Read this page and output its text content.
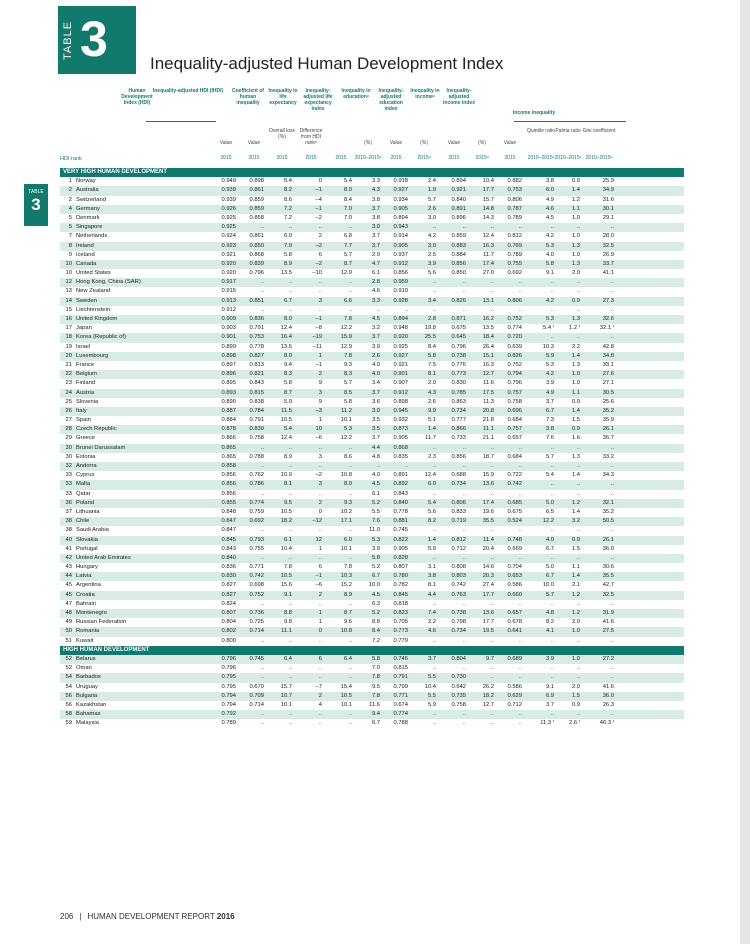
TABLE 3 Inequality-adjusted Human Development Index
TABLE
3
Human Development Index (HDI)
Inequality-adjusted HDI (IHDI)	Coefficient of human inequality
Inequality in life expectancy
Inequality-adjusted life expectancy index
Inequality in educationᵃ
Inequality-adjusted education index
Inequality in incomeᵃ
Inequality-adjusted income index
Income inequality
Value	Value
Overall loss (%)
Difference from HDI rankᵇ	(%)	Value	(%)	Value	(%)	Value
Quintile ratio Palma ratio Gini coefficient
2015	2015	2015	2015	2015	2010–2015ᶜ	2015	2015ᵈ	2015	2015ᵈ	2015	2010–2015ᶜ 2010–2015ᶜ 2010–2015ᶜ
HDI rank
VERY HIGH HUMAN DEVELOPMENT
1 Norway	0.949	0.898	5.4	0	5.4	3.3	0.918	2.4	0.894	10.4	0.882	3.8	0.9	25.9
2 Australia	0.939	0.861	8.2	–1	8.0	4.3	0.927	1.9	0.921	17.7	0.753	6.0	1.4	34.9
2 Switzerland	0.939	0.859	8.6	–4	8.4	3.8	0.934	5.7	0.840	15.7	0.806	4.9	1.2	31.6
4 Germany	0.926	0.859	7.2	–1	7.0	3.7	0.905	2.6	0.891	14.8	0.787	4.6	1.1	30.1
5 Denmark	0.925	0.858	7.2	–2	7.0	3.8	0.894	3.0	0.896	14.3	0.789	4.5	1.0	29.1
5 Singapore	0.925	..	..	..	..	3.0	0.943	..	..	..	..	..	..	..
7 Netherlands	0.924	0.861	6.9	2	6.8	3.7	0.914	4.2	0.859	12.4	0.812	4.2	1.0	28.0
8 Ireland	0.923	0.850	7.9	–2	7.7	3.7	0.905	3.0	0.883	16.3	0.769	5.3	1.3	32.5
9 Iceland	0.921	0.868	5.8	6	5.7	2.9	0.937	2.5	0.884	11.7	0.789	4.0	1.0	26.9
10 Canada	0.920	0.839	8.9	–2	8.7	4.7	0.912	3.9	0.856	17.4	0.755	5.8	1.3	33.7
10 United States	0.920	0.796	13.5	–10	12.9	6.1	0.856	5.6	0.850	27.0	0.692	9.1	2.0	41.1
12 Hong Kong, China (SAR)	0.917	..	..	..	..	2.8	0.959	..	..	..	..	..	..	..
13 New Zealand	0.915	..	..	..	..	4.6	0.910	..	..	..	..	..	..	..
14 Sweden	0.913	0.851	6.7	3	6.6	3.3	0.928	3.4	0.826	13.1	0.806	4.2	0.9	27.3
15 Liechtenstein	0.912	..	..	..	..	..	..	..	..	..	..	..	..	..
16 United Kingdom	0.909	0.836	8.0	–1	7.8	4.5	0.894	2.8	0.871	16.2	0.752	5.3	1.3	32.6
17 Japan	0.903	0.791	12.4	–8	12.2	3.2	0.948	19.8	0.675	13.5	0.774	5.4 ᶠ	1.2 ᶠ	32.1 ᶠ
18 Korea (Republic of)	0.901	0.753	16.4	–19	15.9	3.7	0.920	25.5	0.645	18.4	0.720	..	..	..
19 Israel	0.899	0.778	13.5	–11	12.9	3.9	0.925	8.4	0.796	26.4	0.639	10.3	2.2	42.8
20 Luxembourg	0.898	0.827	8.0	1	7.8	2.6	0.927	5.8	0.738	15.1	0.826	5.9	1.4	34.8
21 France	0.897	0.813	9.4	–1	9.3	4.0	0.921	7.5	0.776	16.3	0.752	5.3	1.3	33.1
22 Belgium	0.896	0.821	8.3	2	8.3	4.0	0.901	8.1	0.773	12.7	0.794	4.2	1.0	27.6
23 Finland	0.895	0.843	5.8	9	5.7	3.4	0.907	2.0	0.830	11.6	0.796	3.9	1.0	27.1
24 Austria	0.893	0.815	8.7	3	8.5	3.7	0.912	4.3	0.785	17.5	0.757	4.9	1.1	30.5
25 Slovenia	0.890	0.838	5.9	9	5.8	3.6	0.898	2.6	0.863	11.3	0.758	3.7	0.9	25.6
26 Italy	0.887	0.784	11.5	–3	11.2	3.0	0.945	9.9	0.734	20.8	0.696	6.7	1.4	35.2
27 Spain	0.884	0.791	10.5	1	10.1	3.5	0.932	5.1	0.777	21.8	0.684	7.3	1.5	35.9
28 Czech Republic	0.878	0.830	5.4	10	5.3	3.5	0.873	1.4	0.866	11.1	0.757	3.8	0.9	26.1
29 Greece	0.866	0.758	12.4	–6	12.2	3.7	0.905	11.7	0.733	21.1	0.657	7.6	1.6	36.7
30 Brunei Darussalam	0.865	..	..	..	..	4.4	0.868	..	..	..	..	..	..	..
30 Estonia	0.865	0.788	8.9	3	8.6	4.8	0.835	2.3	0.856	18.7	0.684	5.7	1.3	33.2
32 Andorra	0.858	..	..	..	..	..	..	..	..	..	..	..	..	..
33 Cyprus	0.856	0.762	10.9	–2	10.8	4.0	0.891	12.4	0.688	15.9	0.722	5.4	1.4	34.3
33 Malta	0.856	0.786	8.1	3	8.0	4.5	0.892	6.0	0.734	13.6	0.742	..	..	..
33 Qatar	0.856	..	..	..	..	6.1	0.843	..	..	..	..	..	..	..
36 Poland	0.855	0.774	9.5	2	9.3	5.2	0.840	5.4	0.806	17.4	0.685	5.0	1.2	32.1
37 Lithuania	0.848	0.759	10.5	0	10.2	5.5	0.778	5.6	0.833	19.6	0.675	6.5	1.4	35.2
38 Chile	0.847	0.692	18.2	–12	17.1	7.6	0.881	8.2	0.719	35.5	0.524	12.2	3.2	50.5
38 Saudi Arabia	0.847	..	..	..	..	11.0	0.745	..	..	..	..	..	..	..
40 Slovakia	0.845	0.793	6.1	12	6.0	5.3	0.822	1.4	0.812	11.4	0.748	4.0	0.9	26.1
41 Portugal	0.843	0.755	10.4	1	10.1	3.9	0.905	5.9	0.712	20.4	0.669	6.7	1.5	36.0
42 United Arab Emirates	0.840	..	..	..	..	5.8	0.828	..	..	..	..	..	..	..
43 Hungary	0.836	0.771	7.8	6	7.8	5.2	0.807	3.1	0.808	14.6	0.704	5.0	1.1	30.6
44 Latvia	0.830	0.742	10.5	–1	10.3	6.7	0.780	3.8	0.803	20.3	0.653	6.7	1.4	35.5
45 Argentina	0.827	0.698	15.6	–6	15.2	10.0	0.782	8.1	0.742	27.4	0.586	10.0	2.1	42.7
45 Croatia	0.827	0.752	9.1	2	8.9	4.5	0.845	4.4	0.763	17.7	0.660	5.7	1.2	32.5
47 Bahrain	0.824	..	..	..	..	6.3	0.818	..	..	..	..	..	..	..
48 Montenegro	0.807	0.736	8.8	1	8.7	5.2	0.823	7.4	0.738	13.6	0.657	4.8	1.2	31.9
49 Russian Federation	0.804	0.725	9.8	1	9.6	8.8	0.705	2.2	0.798	17.7	0.678	8.2	2.0	41.6
50 Romania	0.802	0.714	11.1	0	10.8	8.4	0.773	4.6	0.734	19.5	0.641	4.1	1.0	27.5
51 Kuwait	0.800	..	..	..	..	7.2	0.779	..	..	..	..	..	..	..
HIGH HUMAN DEVELOPMENT
52 Belarus	0.796	0.745	6.4	6	6.4	5.8	0.746	3.7	0.804	9.7	0.689	3.9	1.0	27.2
52 Oman	0.796	..	..	..	..	7.0	0.815	..	..	..	..	..	..	..
54 Barbados	0.795	..	..	..	..	7.8	0.791	5.5	0.730	..	..	..	..	..
54 Uruguay	0.795	0.670	15.7	–7	15.4	9.5	0.799	10.4	0.642	26.2	0.586	9.1	2.0	41.6
56 Bulgaria	0.794	0.709	10.7	2	10.5	7.8	0.771	5.5	0.735	18.2	0.629	6.9	1.5	36.0
56 Kazakhstan	0.794	0.714	10.1	4	10.1	11.6	0.674	5.9	0.758	12.7	0.712	3.7	0.9	26.3
58 Bahamas	0.792	..	..	..	..	9.4	0.774	..	..	..	..	..	..	..
59 Malaysia	0.789	..	..	..	..	6.7	0.788	..	..	..	..	11.3 ᶠ	2.6 ᶠ	46.3 ᶠ
206 | HUMAN DEVELOPMENT REPORT 2016
